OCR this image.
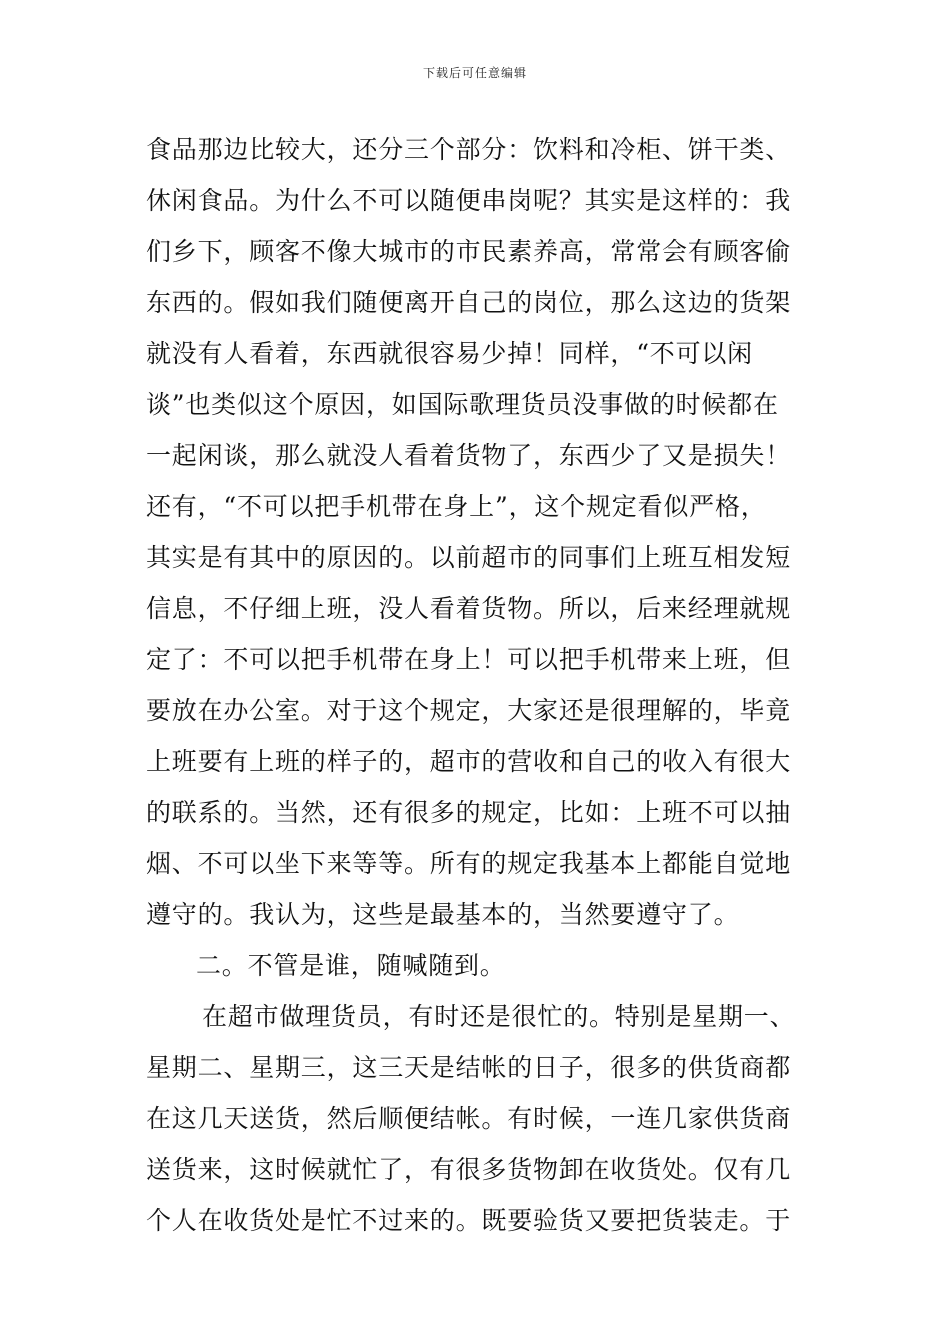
下载后可任意编辑
食品那边比较大，还分三个部分：饮料和冷柜、饼干类、
休闲食品。为什么不可以随便串岗呢？其实是这样的：我
们乡下，顾客不像大城市的市民素养高，常常会有顾客偷
东西的。假如我们随便离开自己的岗位，那么这边的货架
就没有人看着，东西就很容易少掉！同样，“不可以闲
谈”也类似这个原因，如国际歌理货员没事做的时候都在
一起闲谈，那么就没人看着货物了，东西少了又是损失！
还有，“不可以把手机带在身上”，这个规定看似严格，
其实是有其中的原因的。以前超市的同事们上班互相发短
信息，不仔细上班，没人看着货物。所以，后来经理就规
定了：不可以把手机带在身上！可以把手机带来上班，但
要放在办公室。对于这个规定，大家还是很理解的，毕竟
上班要有上班的样子的，超市的营收和自己的收入有很大
的联系的。当然，还有很多的规定，比如：上班不可以抽
烟、不可以坐下来等等。所有的规定我基本上都能自觉地
遵守的。我认为，这些是最基本的，当然要遵守了。
二。不管是谁，随喊随到。
在超市做理货员，有时还是很忙的。特别是星期一、
星期二、星期三，这三天是结帐的日子，很多的供货商都
在这几天送货，然后顺便结帐。有时候，一连几家供货商
送货来，这时候就忙了，有很多货物卸在收货处。仅有几
个人在收货处是忙不过来的。既要验货又要把货装走。于
